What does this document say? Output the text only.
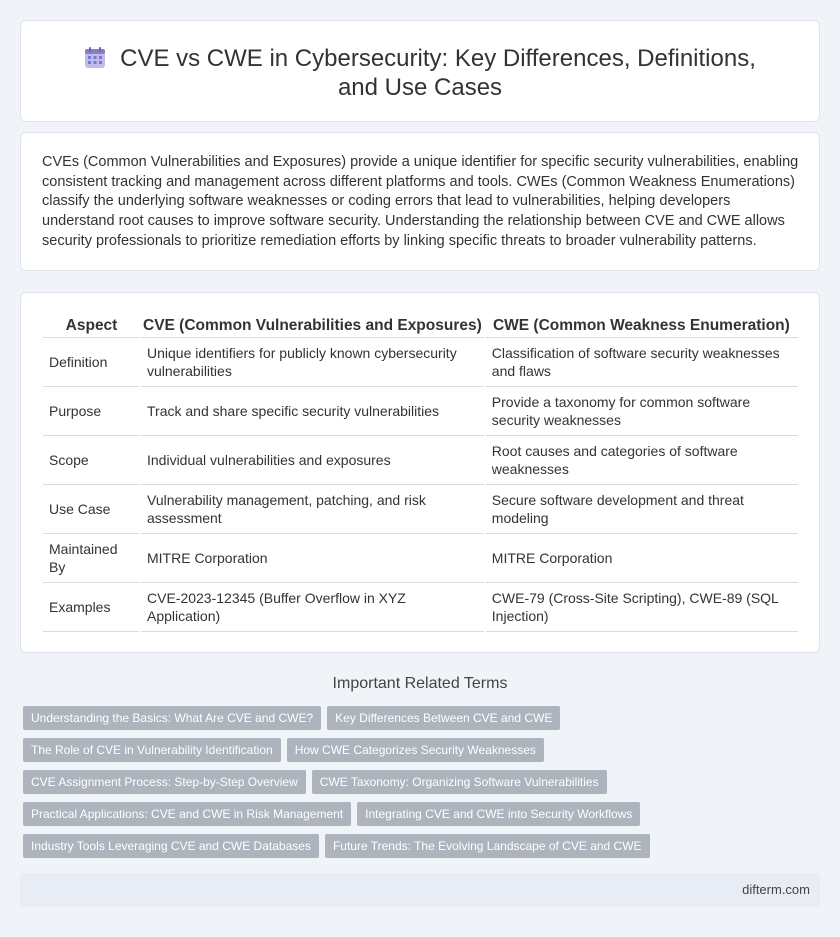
CVE vs CWE in Cybersecurity: Key Differences, Definitions, and Use Cases

CVEs (Common Vulnerabilities and Exposures) provide a unique identifier for specific security vulnerabilities, enabling consistent tracking and management across different platforms and tools. CWEs (Common Weakness Enumerations) classify the underlying software weaknesses or coding errors that lead to vulnerabilities, helping developers understand root causes to improve software security. Understanding the relationship between CVE and CWE allows security professionals to prioritize remediation efforts by linking specific threats to broader vulnerability patterns.

Aspect	CVE (Common Vulnerabilities and Exposures)	CWE (Common Weakness Enumeration)
Definition	Unique identifiers for publicly known cybersecurity vulnerabilities	Classification of software security weaknesses and flaws
Purpose	Track and share specific security vulnerabilities	Provide a taxonomy for common software security weaknesses
Scope	Individual vulnerabilities and exposures	Root causes and categories of software weaknesses
Use Case	Vulnerability management, patching, and risk assessment	Secure software development and threat modeling
Maintained By	MITRE Corporation	MITRE Corporation
Examples	CVE-2023-12345 (Buffer Overflow in XYZ Application)	CWE-79 (Cross-Site Scripting), CWE-89 (SQL Injection)
Important Related Terms
Understanding the Basics: What Are CVE and CWE?	Key Differences Between CVE and CWE
The Role of CVE in Vulnerability Identification	How CWE Categorizes Security Weaknesses
CVE Assignment Process: Step-by-Step Overview	CWE Taxonomy: Organizing Software Vulnerabilities
Practical Applications: CVE and CWE in Risk Management	Integrating CVE and CWE into Security Workflows
Industry Tools Leveraging CVE and CWE Databases	Future Trends: The Evolving Landscape of CVE and CWE
difterm.com
